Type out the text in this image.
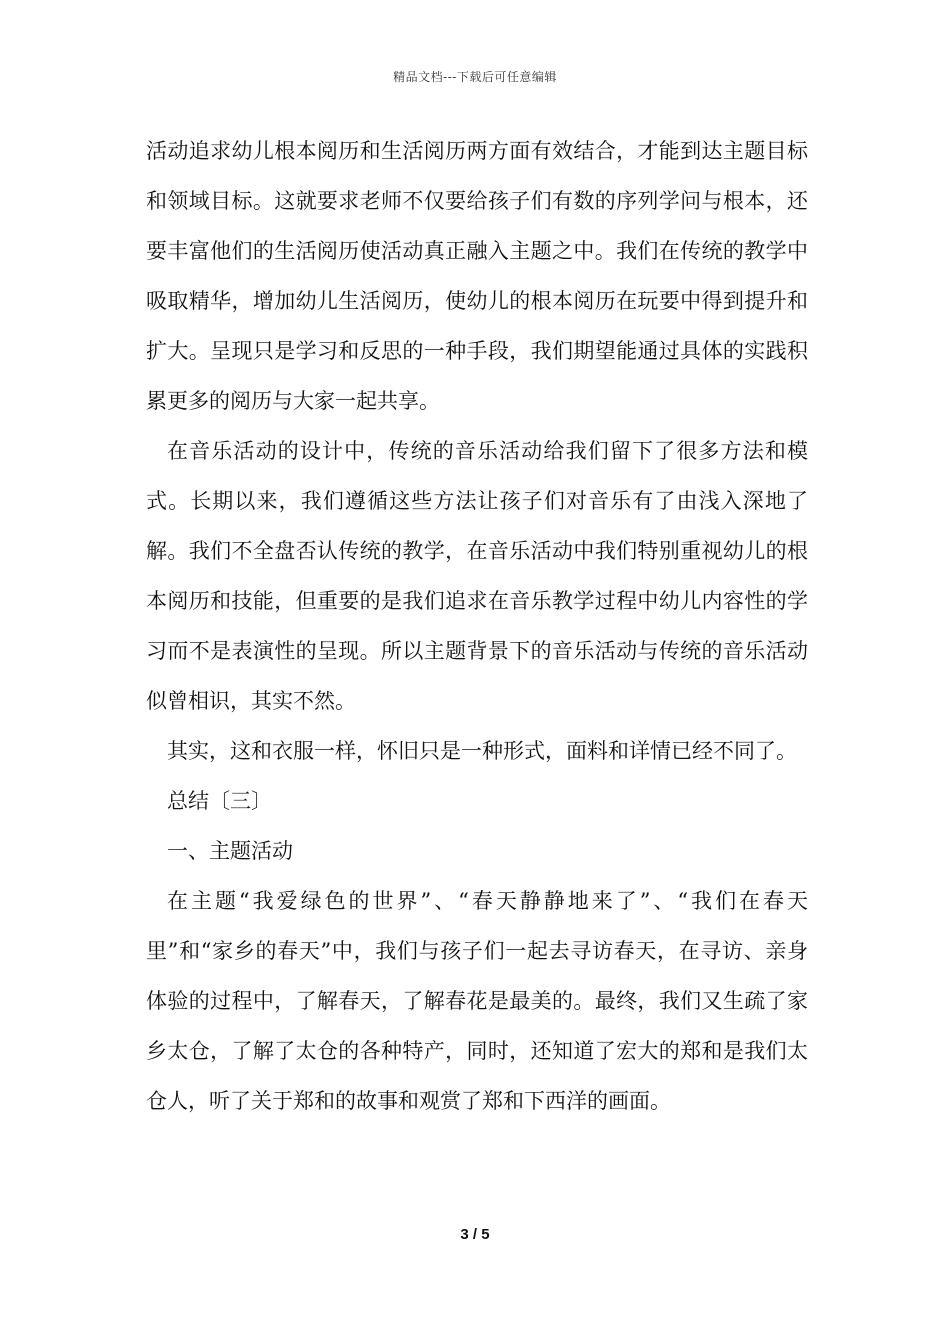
精品文档---下载后可任意编辑

活动追求幼儿根本阅历和生活阅历两方面有效结合，才能到达主题目标和领域目标。这就要求老师不仅要给孩子们有数的序列学问与根本，还要丰富他们的生活阅历使活动真正融入主题之中。我们在传统的教学中吸取精华，增加幼儿生活阅历，使幼儿的根本阅历在玩要中得到提升和扩大。呈现只是学习和反思的一种手段，我们期望能通过具体的实践积累更多的阅历与大家一起共享。

在音乐活动的设计中，传统的音乐活动给我们留下了很多方法和模式。长期以来，我们遵循这些方法让孩子们对音乐有了由浅入深地了解。我们不全盘否认传统的教学，在音乐活动中我们特别重视幼儿的根本阅历和技能，但重要的是我们追求在音乐教学过程中幼儿内容性的学习而不是表演性的呈现。所以主题背景下的音乐活动与传统的音乐活动似曾相识，其实不然。

其实，这和衣服一样，怀旧只是一种形式，面料和详情已经不同了。

总结〔三〕

一、主题活动

在主题“我爱绿色的世界”、“春天静静地来了”、“我们在春天里”和“家乡的春天”中，我们与孩子们一起去寻访春天，在寻访、亲身体验的过程中，了解春天，了解春花是最美的。最终，我们又生疏了家乡太仓，了解了太仓的各种特产，同时，还知道了宏大的郑和是我们太仓人，听了关于郑和的故事和观赏了郑和下西洋的画面。

3 / 5
